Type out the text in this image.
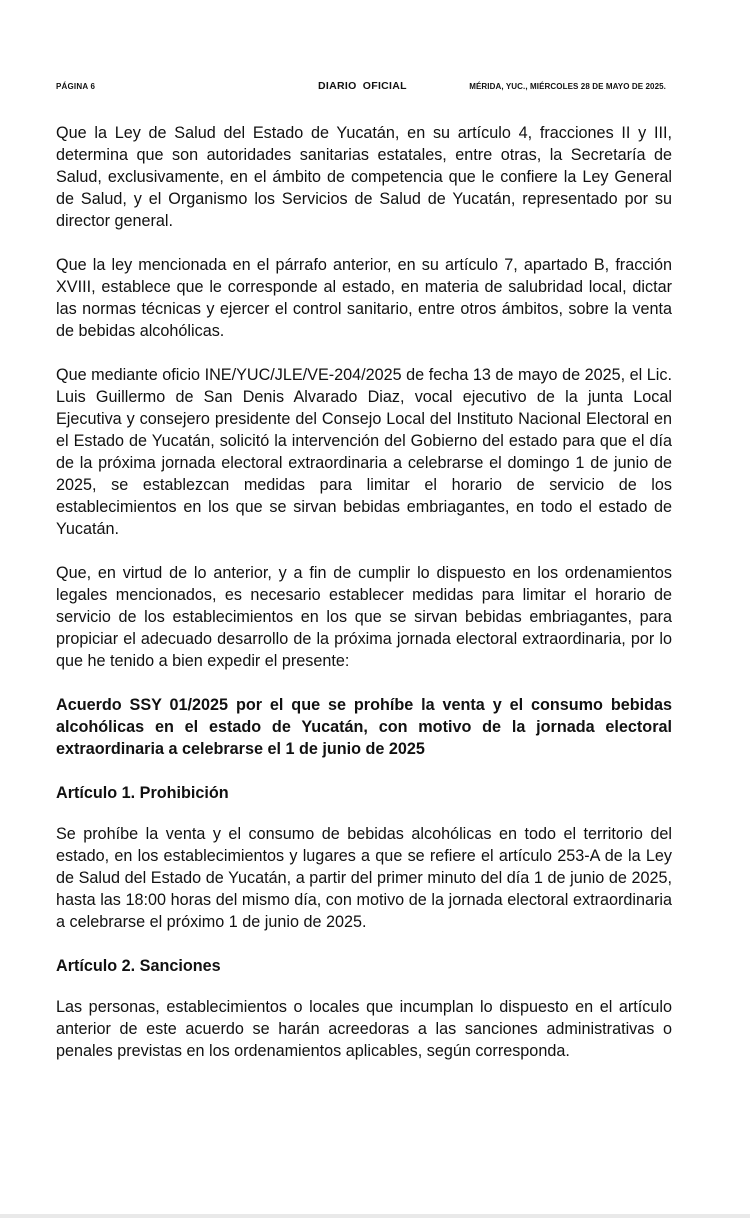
PÁGINA 6	DIARIO OFICIAL	MÉRIDA, YUC., MIÉRCOLES 28 DE MAYO DE 2025.

Que la Ley de Salud del Estado de Yucatán, en su artículo 4, fracciones II y III, determina que son autoridades sanitarias estatales, entre otras, la Secretaría de Salud, exclusivamente, en el ámbito de competencia que le confiere la Ley General de Salud, y el Organismo los Servicios de Salud de Yucatán, representado por su director general.

Que la ley mencionada en el párrafo anterior, en su artículo 7, apartado B, fracción XVIII, establece que le corresponde al estado, en materia de salubridad local, dictar las normas técnicas y ejercer el control sanitario, entre otros ámbitos, sobre la venta de bebidas alcohólicas.

Que mediante oficio INE/YUC/JLE/VE-204/2025 de fecha 13 de mayo de 2025, el Lic. Luis Guillermo de San Denis Alvarado Diaz, vocal ejecutivo de la junta Local Ejecutiva y consejero presidente del Consejo Local del Instituto Nacional Electoral en el Estado de Yucatán, solicitó la intervención del Gobierno del estado para que el día de la próxima jornada electoral extraordinaria a celebrarse el domingo 1 de junio de 2025, se establezcan medidas para limitar el horario de servicio de los establecimientos en los que se sirvan bebidas embriagantes, en todo el estado de Yucatán.

Que, en virtud de lo anterior, y a fin de cumplir lo dispuesto en los ordenamientos legales mencionados, es necesario establecer medidas para limitar el horario de servicio de los establecimientos en los que se sirvan bebidas embriagantes, para propiciar el adecuado desarrollo de la próxima jornada electoral extraordinaria, por lo que he tenido a bien expedir el presente:

Acuerdo SSY 01/2025 por el que se prohíbe la venta y el consumo bebidas alcohólicas en el estado de Yucatán, con motivo de la jornada electoral extraordinaria a celebrarse el 1 de junio de 2025

Artículo 1. Prohibición

Se prohíbe la venta y el consumo de bebidas alcohólicas en todo el territorio del estado, en los establecimientos y lugares a que se refiere el artículo 253-A de la Ley de Salud del Estado de Yucatán, a partir del primer minuto del día 1 de junio de 2025, hasta las 18:00 horas del mismo día, con motivo de la jornada electoral extraordinaria a celebrarse el próximo 1 de junio de 2025.

Artículo 2. Sanciones

Las personas, establecimientos o locales que incumplan lo dispuesto en el artículo anterior de este acuerdo se harán acreedoras a las sanciones administrativas o penales previstas en los ordenamientos aplicables, según corresponda.
